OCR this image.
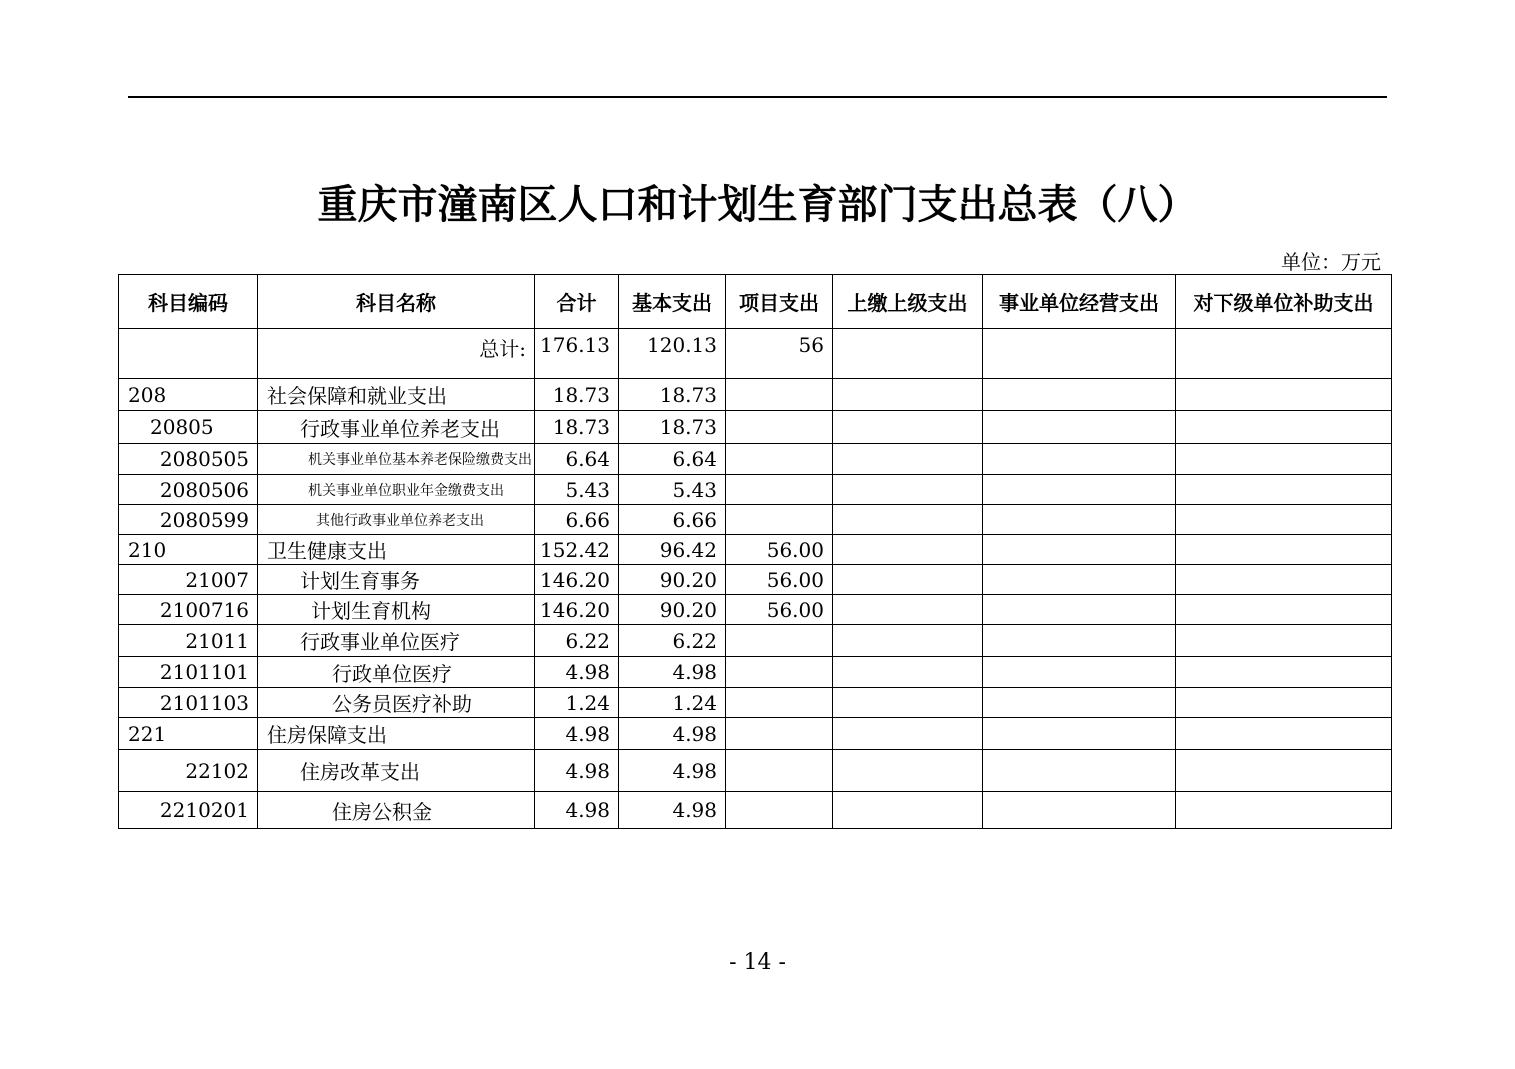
重庆市潼南区人口和计划生育部门支出总表（八）
单位：万元
科目编码	科目名称	合计	基本支出	项目支出	上缴上级支出	事业单位经营支出	对下级单位补助支出
	总计:	176.13	120.13	56			
208	社会保障和就业支出	18.73	18.73				
20805	行政事业单位养老支出	18.73	18.73				
2080505	机关事业单位基本养老保险缴费支出	6.64	6.64				
2080506	机关事业单位职业年金缴费支出	5.43	5.43				
2080599	其他行政事业单位养老支出	6.66	6.66				
210	卫生健康支出	152.42	96.42	56.00			
21007	计划生育事务	146.20	90.20	56.00			
2100716	计划生育机构	146.20	90.20	56.00			
21011	行政事业单位医疗	6.22	6.22				
2101101	行政单位医疗	4.98	4.98				
2101103	公务员医疗补助	1.24	1.24				
221	住房保障支出	4.98	4.98				
22102	住房改革支出	4.98	4.98				
2210201	住房公积金	4.98	4.98				
- 14 -
